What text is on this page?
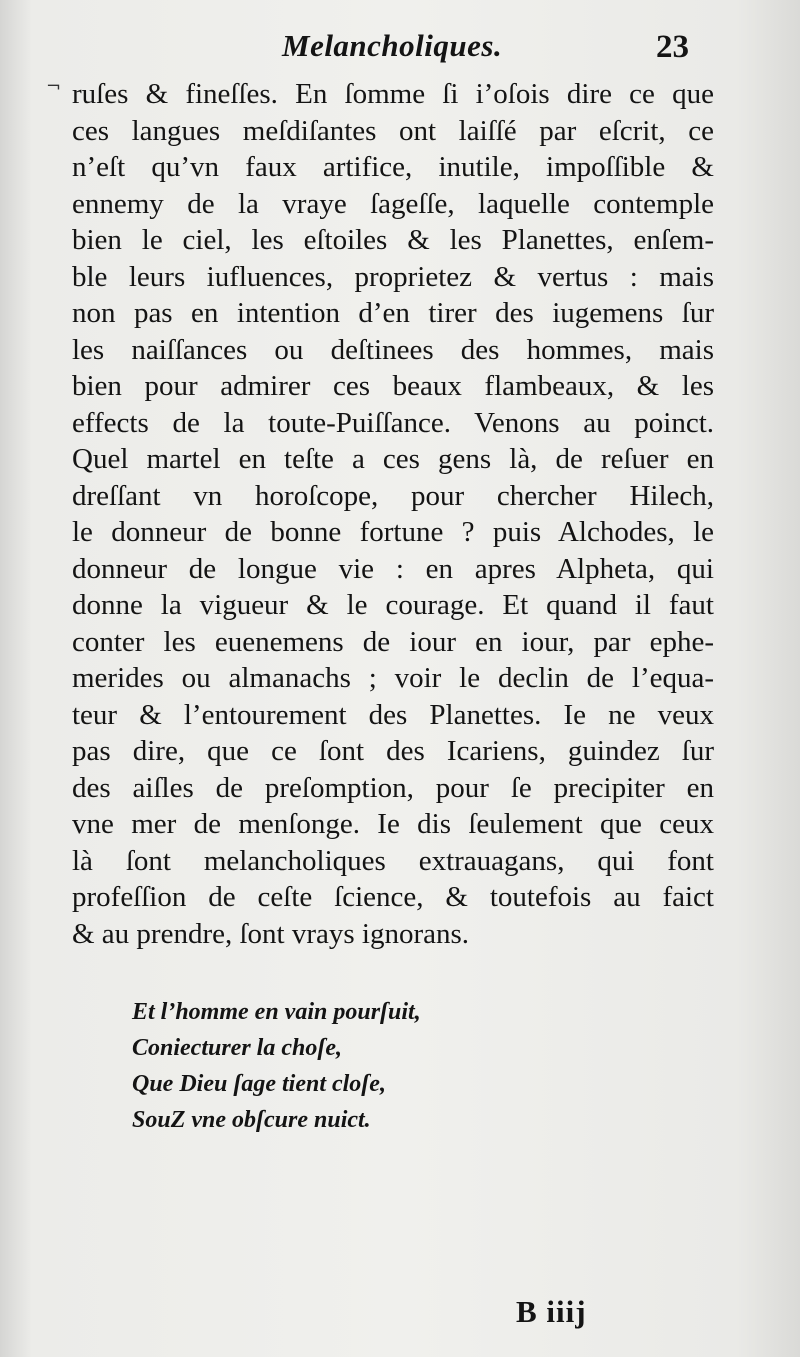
¬
Melancholiques.	23
ruſes & fineſſes. En ſomme ſi i’oſois dire ce que
ces langues meſdiſantes ont laiſſé par eſcrit, ce
n’eſt qu’vn faux artifice, inutile, impoſſible &
ennemy de la vraye ſageſſe, laquelle contemple
bien le ciel, les eſtoiles & les Planettes, enſem-
ble leurs iufluences, proprietez & vertus : mais
non pas en intention d’en tirer des iugemens ſur
les naiſſances ou deſtinees des hommes, mais
bien pour admirer ces beaux flambeaux, & les
effects de la toute-Puiſſance. Venons au poinct.
Quel martel en teſte a ces gens là, de reſuer en
dreſſant vn horoſcope, pour chercher Hilech,
le donneur de bonne fortune ? puis Alchodes, le
donneur de longue vie : en apres Alpheta, qui
donne la vigueur & le courage. Et quand il faut
conter les euenemens de iour en iour, par ephe-
merides ou almanachs ; voir le declin de l’equa-
teur & l’entourement des Planettes. Ie ne veux
pas dire, que ce ſont des Icariens, guindez ſur
des aiſles de preſomption, pour ſe precipiter en
vne mer de menſonge. Ie dis ſeulement que ceux
là ſont melancholiques extrauagans, qui font
profeſſion de ceſte ſcience, & toutefois au faict
& au prendre, ſont vrays ignorans.
Et l’homme en vain pourſuit,
Coniecturer la choſe,
Que Dieu ſage tient cloſe,
SouZ vne obſcure nuict.
B iiij
